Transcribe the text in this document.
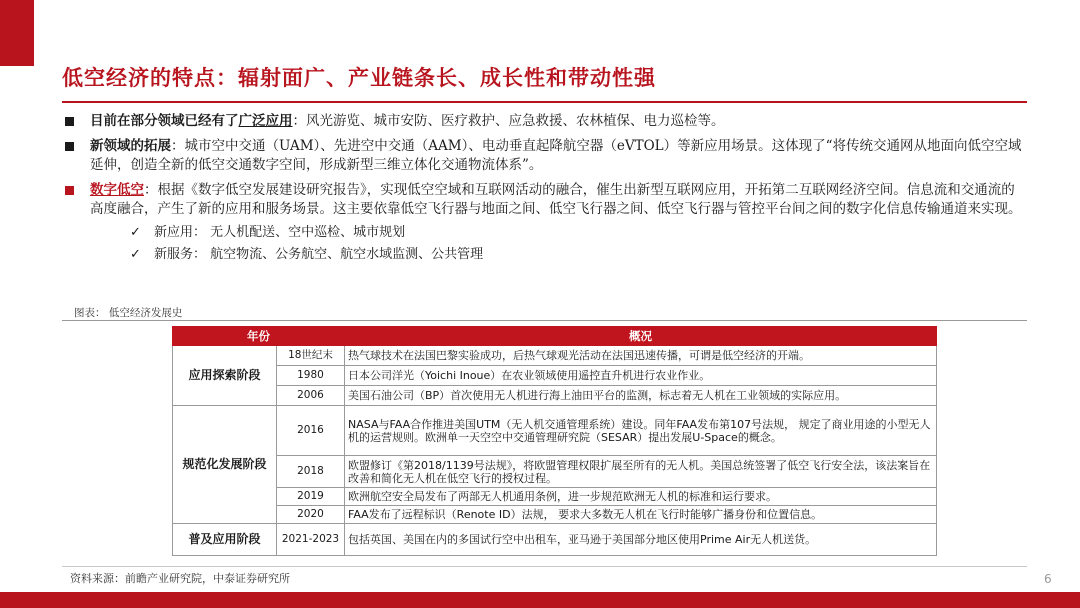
低空经济的特点：辐射面广、产业链条长、成长性和带动性强
目前在部分领域已经有了广泛应用：风光游览、城市安防、医疗救护、应急救援、农林植保、电力巡检等。
新领域的拓展：城市空中交通（UAM）、先进空中交通（AAM）、电动垂直起降航空器（eVTOL）等新应用场景。这体现了“将传统交通网从地面向低空空域延伸，创造全新的低空交通数字空间，形成新型三维立体化交通物流体系”。
数字低空：根据《数字低空发展建设研究报告》，实现低空空域和互联网活动的融合，催生出新型互联网应用，开拓第二互联网经济空间。信息流和交通流的高度融合，产生了新的应用和服务场景。这主要依靠低空飞行器与地面之间、低空飞行器之间、低空飞行器与管控平台间之间的数字化信息传输通道来实现。
✓ 新应用： 无人机配送、空中巡检、城市规划
✓ 新服务： 航空物流、公务航空、航空水域监测、公共管理
图表： 低空经济发展史
年份		概况
应用探索阶段	18世纪末	热气球技术在法国巴黎实验成功，后热气球观光活动在法国迅速传播，可谓是低空经济的开端。
	1980	日本公司洋光（Yoichi Inoue）在农业领域使用遥控直升机进行农业作业。
	2006	美国石油公司（BP）首次使用无人机进行海上油田平台的监测，标志着无人机在工业领域的实际应用。
规范化发展阶段	2016	NASA与FAA合作推进美国UTM（无人机交通管理系统）建设。同年FAA发布第107号法规， 规定了商业用途的小型无人机的运营规则。欧洲单一天空空中交通管理研究院（SESAR）提出发展U-Space的概念。
	2018	欧盟修订《第2018/1139号法规》，将欧盟管理权限扩展至所有的无人机。美国总统签署了低空飞行安全法，该法案旨在改善和简化无人机在低空飞行的授权过程。
	2019	欧洲航空安全局发布了两部无人机通用条例，进一步规范欧洲无人机的标准和运行要求。
	2020	FAA发布了远程标识（Renote ID）法规， 要求大多数无人机在飞行时能够广播身份和位置信息。
普及应用阶段	2021-2023	包括英国、美国在内的多国试行空中出租车，亚马逊于美国部分地区使用Prime Air无人机送货。
资料来源：前瞻产业研究院，中泰证券研究所	6
